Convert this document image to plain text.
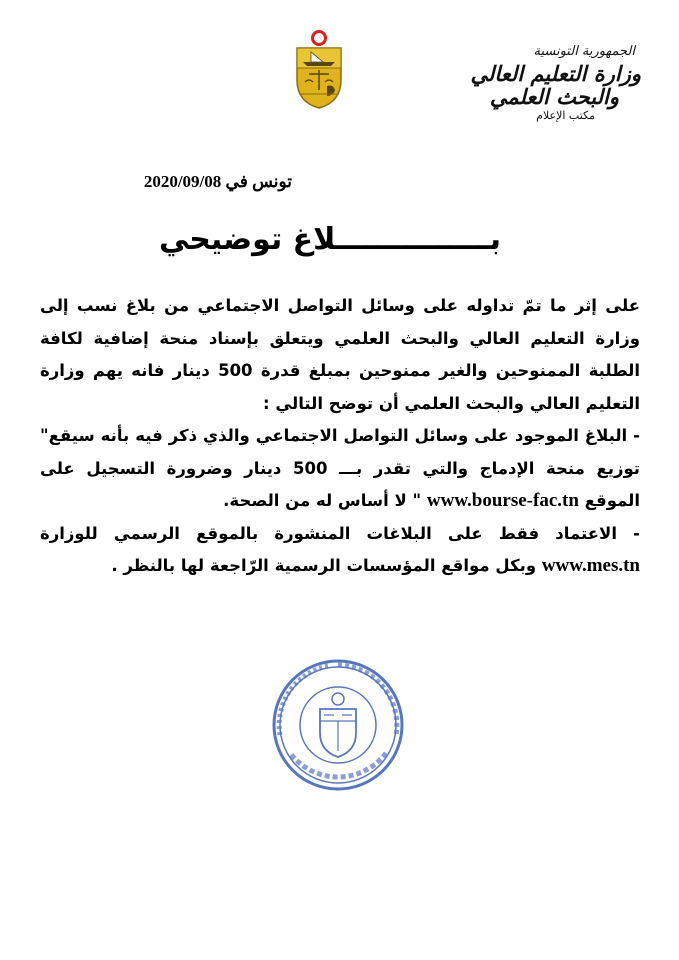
الجمهورية التونسية
وزارة التعليم العالي
والبحث العلمي
مكتب الإعلام
تونس في 2020/09/08
بـــــــــــــــلاغ توضيحي

على إثر ما تمّ تداوله على وسائل التواصل الاجتماعي من بلاغ نسب إلى وزارة التعليم العالي والبحث العلمي ويتعلق بإسناد منحة إضافية لكافة الطلبة الممنوحين والغير ممنوحين بمبلغ قدرة 500 دينار فانه يهم وزارة التعليم العالي والبحث العلمي أن توضح التالي :

- البلاغ الموجود على وسائل التواصل الاجتماعي والذي ذكر فيه بأنه سيقع" توزيع منحة الإدماج والتي تقدر بـــ 500 دينار وضرورة التسجيل على الموقع www.bourse-fac.tn " لا أساس له من الصحة.

- الاعتماد فقط على البلاغات المنشورة بالموقع الرسمي للوزارة www.mes.tn وبكل مواقع المؤسسات الرسمية الرّاجعة لها بالنظر .
